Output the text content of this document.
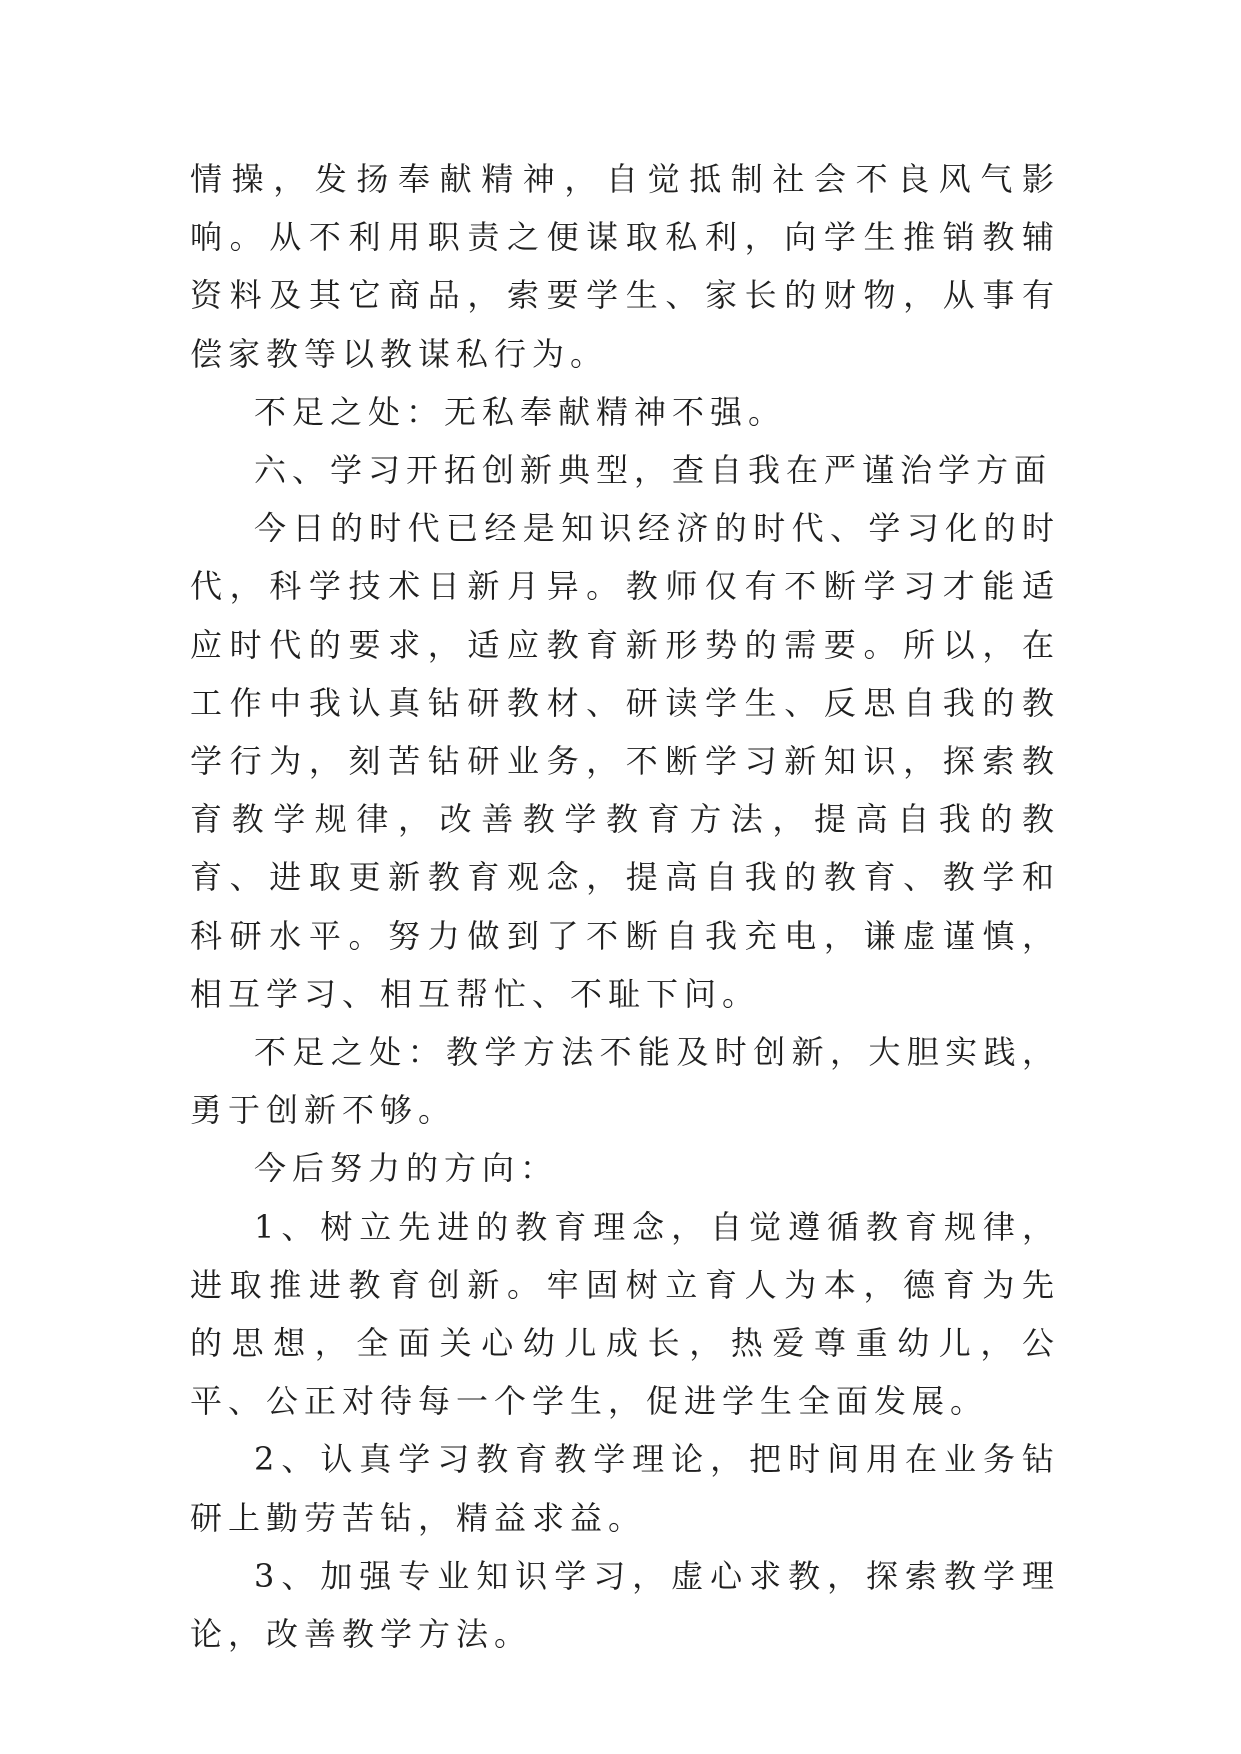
情操，发扬奉献精神，自觉抵制社会不良风气影响。从不利用职责之便谋取私利，向学生推销教辅资料及其它商品，索要学生、家长的财物，从事有偿家教等以教谋私行为。

不足之处：无私奉献精神不强。

六、学习开拓创新典型，查自我在严谨治学方面

今日的时代已经是知识经济的时代、学习化的时代，科学技术日新月异。教师仅有不断学习才能适应时代的要求，适应教育新形势的需要。所以，在工作中我认真钻研教材、研读学生、反思自我的教学行为，刻苦钻研业务，不断学习新知识，探索教育教学规律，改善教学教育方法，提高自我的教育、进取更新教育观念，提高自我的教育、教学和科研水平。努力做到了不断自我充电，谦虚谨慎，相互学习、相互帮忙、不耻下问。

不足之处：教学方法不能及时创新，大胆实践，勇于创新不够。

今后努力的方向：

1、树立先进的教育理念，自觉遵循教育规律，进取推进教育创新。牢固树立育人为本，德育为先的思想，全面关心幼儿成长，热爱尊重幼儿，公平、公正对待每一个学生，促进学生全面发展。

2、认真学习教育教学理论，把时间用在业务钻研上勤劳苦钻，精益求益。

3、加强专业知识学习，虚心求教，探索教学理论，改善教学方法。
